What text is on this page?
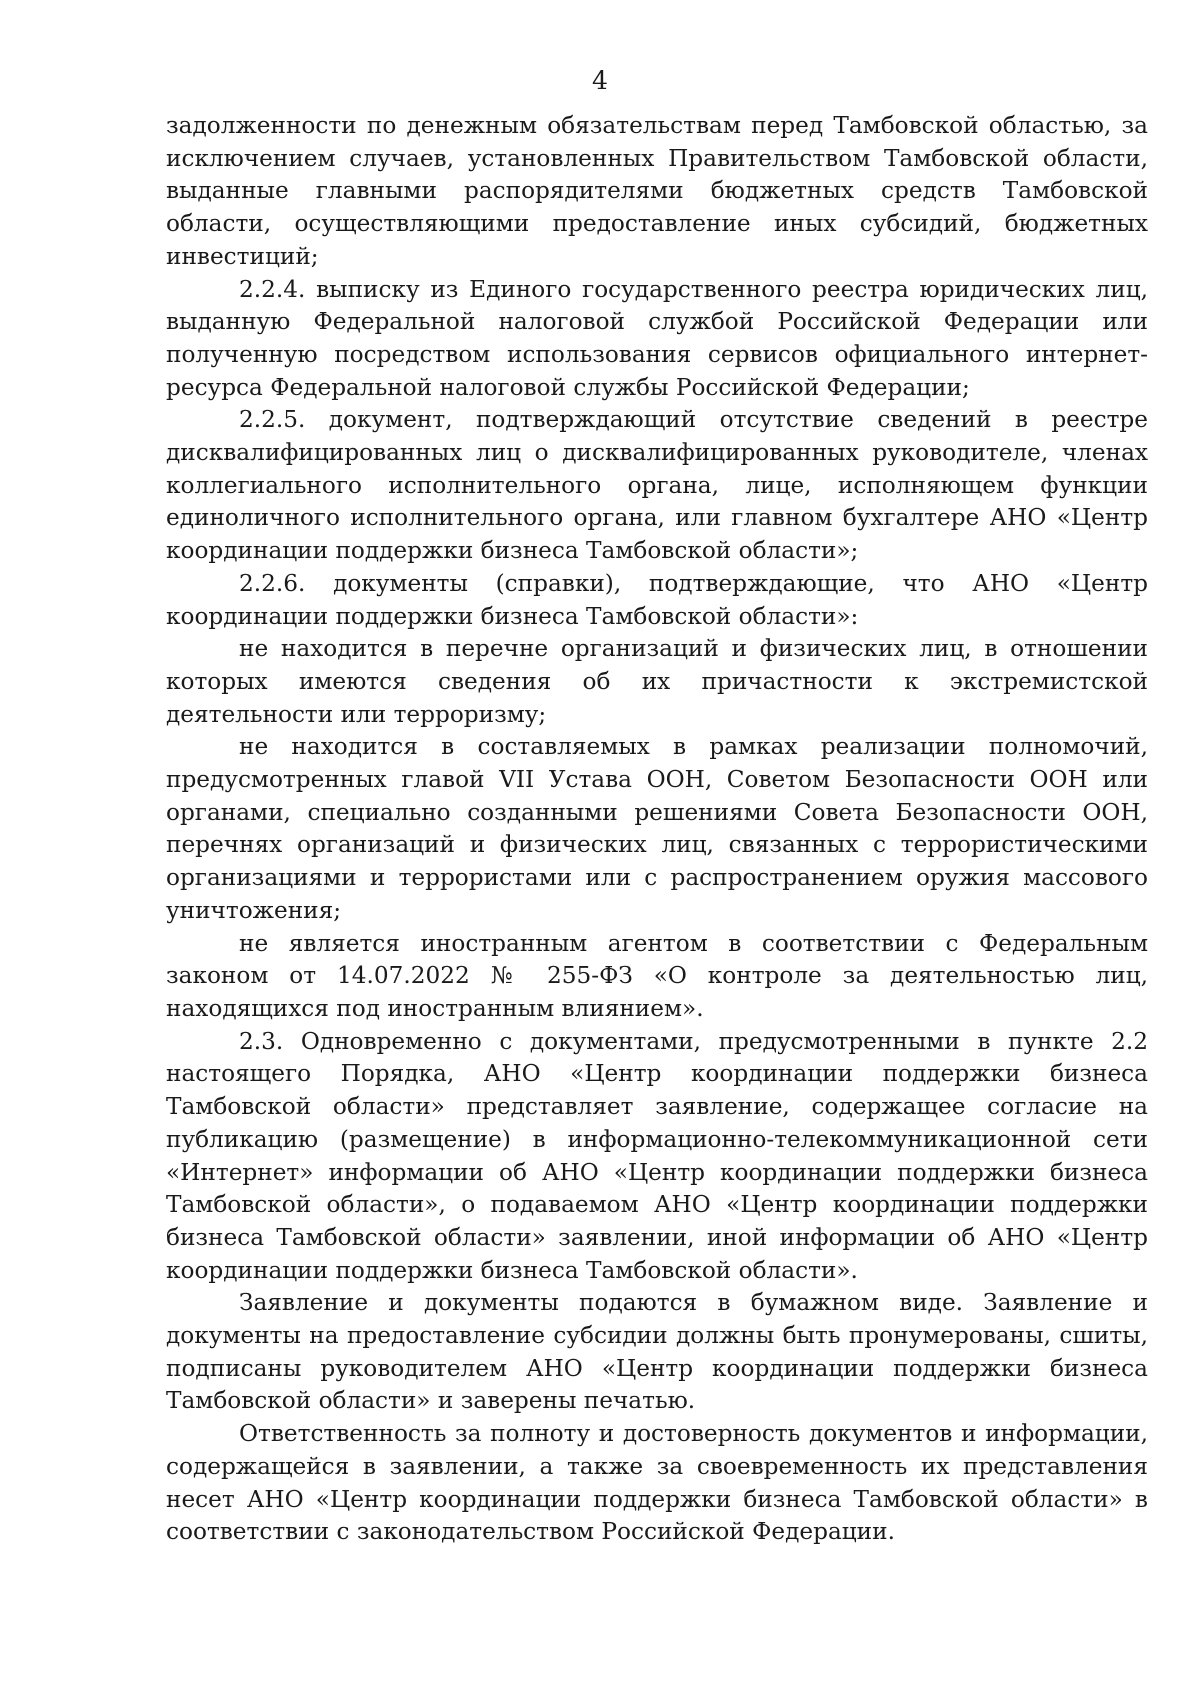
4

задолженности по денежным обязательствам перед Тамбовской областью, за исключением случаев, установленных Правительством Тамбовской области, выданные главными распорядителями бюджетных средств Тамбовской области, осуществляющими предоставление иных субсидий, бюджетных инвестиций;

2.2.4. выписку из Единого государственного реестра юридических лиц, выданную Федеральной налоговой службой Российской Федерации или полученную посредством использования сервисов официального интернет-ресурса Федеральной налоговой службы Российской Федерации;

2.2.5. документ, подтверждающий отсутствие сведений в реестре дисквалифицированных лиц о дисквалифицированных руководителе, членах коллегиального исполнительного органа, лице, исполняющем функции единоличного исполнительного органа, или главном бухгалтере АНО «Центр координации поддержки бизнеса Тамбовской области»;

2.2.6. документы (справки), подтверждающие, что АНО «Центр координации поддержки бизнеса Тамбовской области»:

не находится в перечне организаций и физических лиц, в отношении которых имеются сведения об их причастности к экстремистской деятельности или терроризму;

не находится в составляемых в рамках реализации полномочий, предусмотренных главой VII Устава ООН, Советом Безопасности ООН или органами, специально созданными решениями Совета Безопасности ООН, перечнях организаций и физических лиц, связанных с террористическими организациями и террористами или с распространением оружия массового уничтожения;

не является иностранным агентом в соответствии с Федеральным законом от 14.07.2022 № 255-ФЗ «О контроле за деятельностью лиц, находящихся под иностранным влиянием».

2.3. Одновременно с документами, предусмотренными в пункте 2.2 настоящего Порядка, АНО «Центр координации поддержки бизнеса Тамбовской области» представляет заявление, содержащее согласие на публикацию (размещение) в информационно-телекоммуникационной сети «Интернет» информации об АНО «Центр координации поддержки бизнеса Тамбовской области», о подаваемом АНО «Центр координации поддержки бизнеса Тамбовской области» заявлении, иной информации об АНО «Центр координации поддержки бизнеса Тамбовской области».

Заявление и документы подаются в бумажном виде. Заявление и документы на предоставление субсидии должны быть пронумерованы, сшиты, подписаны руководителем АНО «Центр координации поддержки бизнеса Тамбовской области» и заверены печатью.

Ответственность за полноту и достоверность документов и информации, содержащейся в заявлении, а также за своевременность их представления несет АНО «Центр координации поддержки бизнеса Тамбовской области» в соответствии с законодательством Российской Федерации.
